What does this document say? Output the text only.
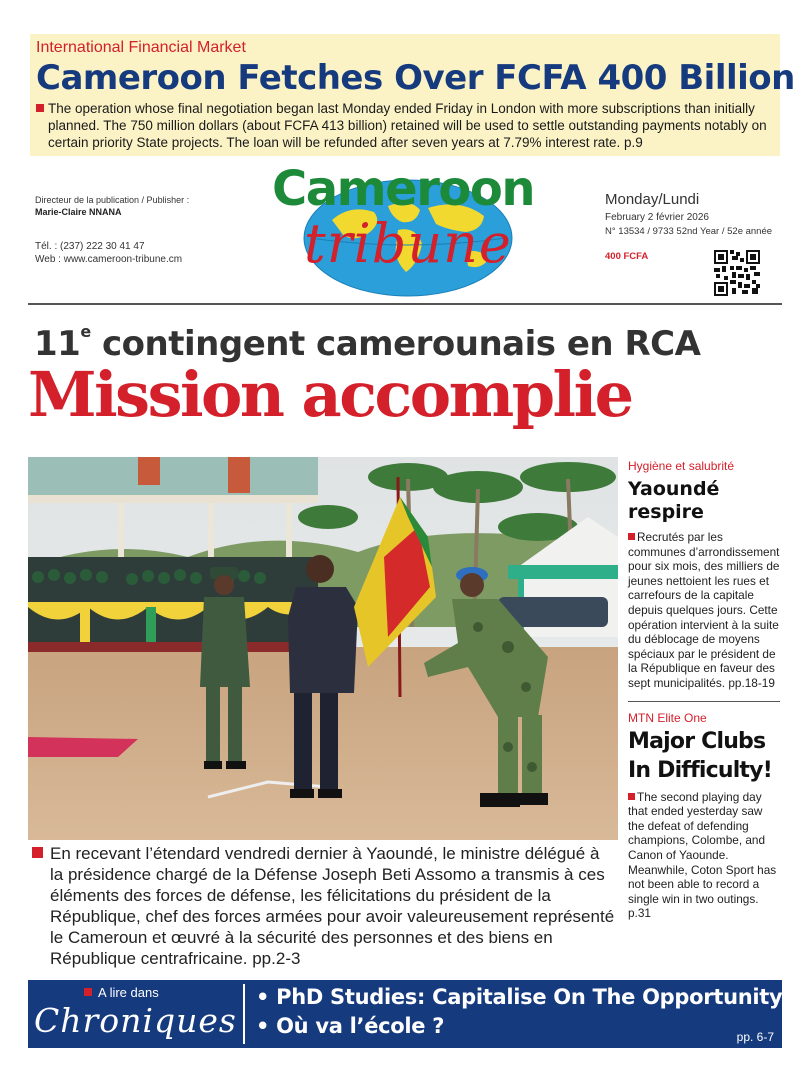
International Financial Market
Cameroon Fetches Over FCFA 400 Billion
The operation whose final negotiation began last Monday ended Friday in London with more subscriptions than initially planned. The 750 million dollars (about FCFA 413 billion) retained will be used to settle outstanding payments notably on certain priority State projects. The loan will be refunded after seven years at 7.79% interest rate. p.9
Directeur de la publication / Publisher :
Marie-Claire NNANA
Tél. : (237) 222 30 41 47
Web : www.cameroon-tribune.cm
Cameroon
tribune
Monday/Lundi
February 2 février 2026
N° 13534 / 9733 52nd Year / 52e année
400 FCFA
11e contingent camerounais en RCA
Mission accomplie
En recevant l’étendard vendredi dernier à Yaoundé, le ministre délégué à la présidence chargé de la Défense Joseph Beti Assomo a transmis à ces éléments des forces de défense, les félicitations du président de la République, chef des forces armées pour avoir valeureusement représenté le Cameroun et œuvré à la sécurité des personnes et des biens en République centrafricaine. pp.2-3
Hygiène et salubrité
Yaoundé respire
Recrutés par les communes d’arrondissement pour six mois, des milliers de jeunes nettoient les rues et carrefours de la capitale depuis quelques jours. Cette opération intervient à la suite du déblocage de moyens spéciaux par le président de la République en faveur des sept municipalités. pp.18-19
MTN Elite One
Major Clubs
In Difficulty!
The second playing day that ended yesterday saw the defeat of defending champions, Colombe, and Canon of Yaounde. Meanwhile, Coton Sport has not been able to record a single win in two outings. p.31
A lire dans
Chroniques
• PhD Studies: Capitalise On The Opportunity
• Où va l’école ?	pp. 6-7
